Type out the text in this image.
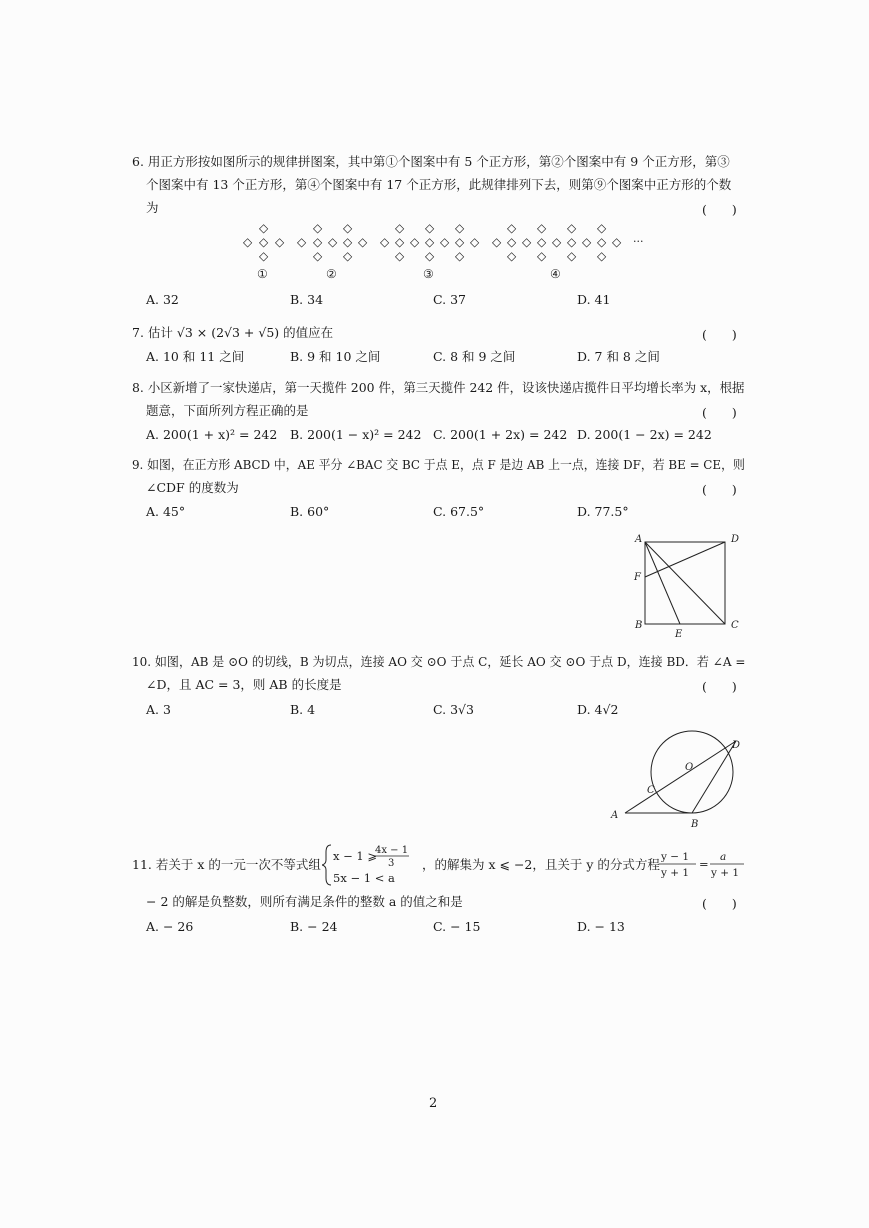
6. 用正方形按如图所示的规律拼图案，其中第①个图案中有 5 个正方形，第②个图案中有 9 个正方形，第③
个图案中有 13 个正方形，第④个图案中有 17 个正方形，此规律排列下去，则第⑨个图案中正方形的个数
为	(　　)
◇
◇ ◇ ◇
◇
◇ ◇
◇ ◇ ◇ ◇ ◇
◇ ◇
◇ ◇ ◇
◇ ◇ ◇ ◇ ◇ ◇ ◇
◇ ◇ ◇
◇ ◇ ◇ ◇
◇ ◇ ◇ ◇ ◇ ◇ ◇ ◇ ◇
◇ ◇ ◇ ◇
···
①	②	③	④
A. 32	B. 34	C. 37	D. 41
7. 估计 √3 × (2√3 + √5) 的值应在	(　　)
A. 10 和 11 之间	B. 9 和 10 之间	C. 8 和 9 之间	D. 7 和 8 之间
8. 小区新增了一家快递店，第一天揽件 200 件，第三天揽件 242 件，设该快递店揽件日平均增长率为 x，根据
题意，下面所列方程正确的是	(　　)
A. 200(1 + x)² = 242 B. 200(1 − x)² = 242 C. 200(1 + 2x) = 242 D. 200(1 − 2x) = 242
9. 如图，在正方形 ABCD 中，AE 平分 ∠BAC 交 BC 于点 E，点 F 是边 AB 上一点，连接 DF，若 BE = CE，则
∠CDF 的度数为	(　　)
A. 45°	B. 60°	C. 67.5°	D. 77.5°
A	D
F
B	C
E
10. 如图，AB 是 ⊙O 的切线，B 为切点，连接 AO 交 ⊙O 于点 C，延长 AO 交 ⊙O 于点 D，连接 BD．若 ∠A =
∠D，且 AC = 3，则 AB 的长度是	(　　)
A. 3	B. 4	C. 3√3	D. 4√2
A
B
C
D
O
11. 若关于 x 的一元一次不等式组
x − 1 ⩾
4x − 1
3
5x − 1 < a
，的解集为 x ⩽ −2，且关于 y 的分式方程 y − 1
y + 1
= a
y + 1
− 2 的解是负整数，则所有满足条件的整数 a 的值之和是	(　　)
A. − 26	B. − 24	C. − 15	D. − 13
2
